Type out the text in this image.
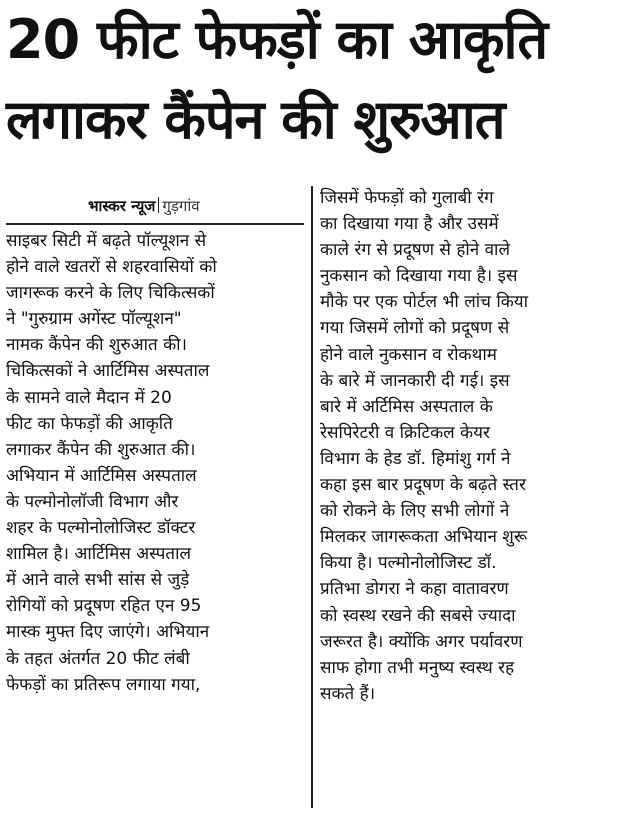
20 फीट फेफड़ों का आकृति
लगाकर कैंपेन की शुरुआत
भास्कर न्यूज गुड़गांव
साइबर सिटी में बढ़ते पॉल्यूशन से
होने वाले खतरों से शहरवासियों को
जागरूक करने के लिए चिकित्सकों
ने "गुरुग्राम अगेंस्ट पॉल्यूशन"
नामक कैंपेन की शुरुआत की।
चिकित्सकों ने आर्टिमिस अस्पताल
के सामने वाले मैदान में 20
फीट का फेफड़ों की आकृति
लगाकर कैंपेन की शुरुआत की।
अभियान में आर्टिमिस अस्पताल
के पल्मोनोलॉजी विभाग और
शहर के पल्मोनोलोजिस्ट डॉक्टर
शामिल है। आर्टिमिस अस्पताल
में आने वाले सभी सांस से जुड़े
रोगियों को प्रदूषण रहित एन 95
मास्क मुफ्त दिए जाएंगे। अभियान
के तहत अंतर्गत 20 फीट लंबी
फेफड़ों का प्रतिरूप लगाया गया,
जिसमें फेफड़ों को गुलाबी रंग
का दिखाया गया है और उसमें
काले रंग से प्रदूषण से होने वाले
नुकसान को दिखाया गया है। इस
मौके पर एक पोर्टल भी लांच किया
गया जिसमें लोगों को प्रदूषण से
होने वाले नुकसान व रोकथाम
के बारे में जानकारी दी गई। इस
बारे में अर्टिमिस अस्पताल के
रेसपिरेटरी व क्रिटिकल केयर
विभाग के हेड डॉ. हिमांशु गर्ग ने
कहा इस बार प्रदूषण के बढ़ते स्तर
को रोकने के लिए सभी लोगों ने
मिलकर जागरूकता अभियान शुरू
किया है। पल्मोनोलोजिस्ट डॉ.
प्रतिभा डोगरा ने कहा वातावरण
को स्वस्थ रखने की सबसे ज्यादा
जरूरत है। क्योंकि अगर पर्यावरण
साफ होगा तभी मनुष्य स्वस्थ रह
सकते हैं।
